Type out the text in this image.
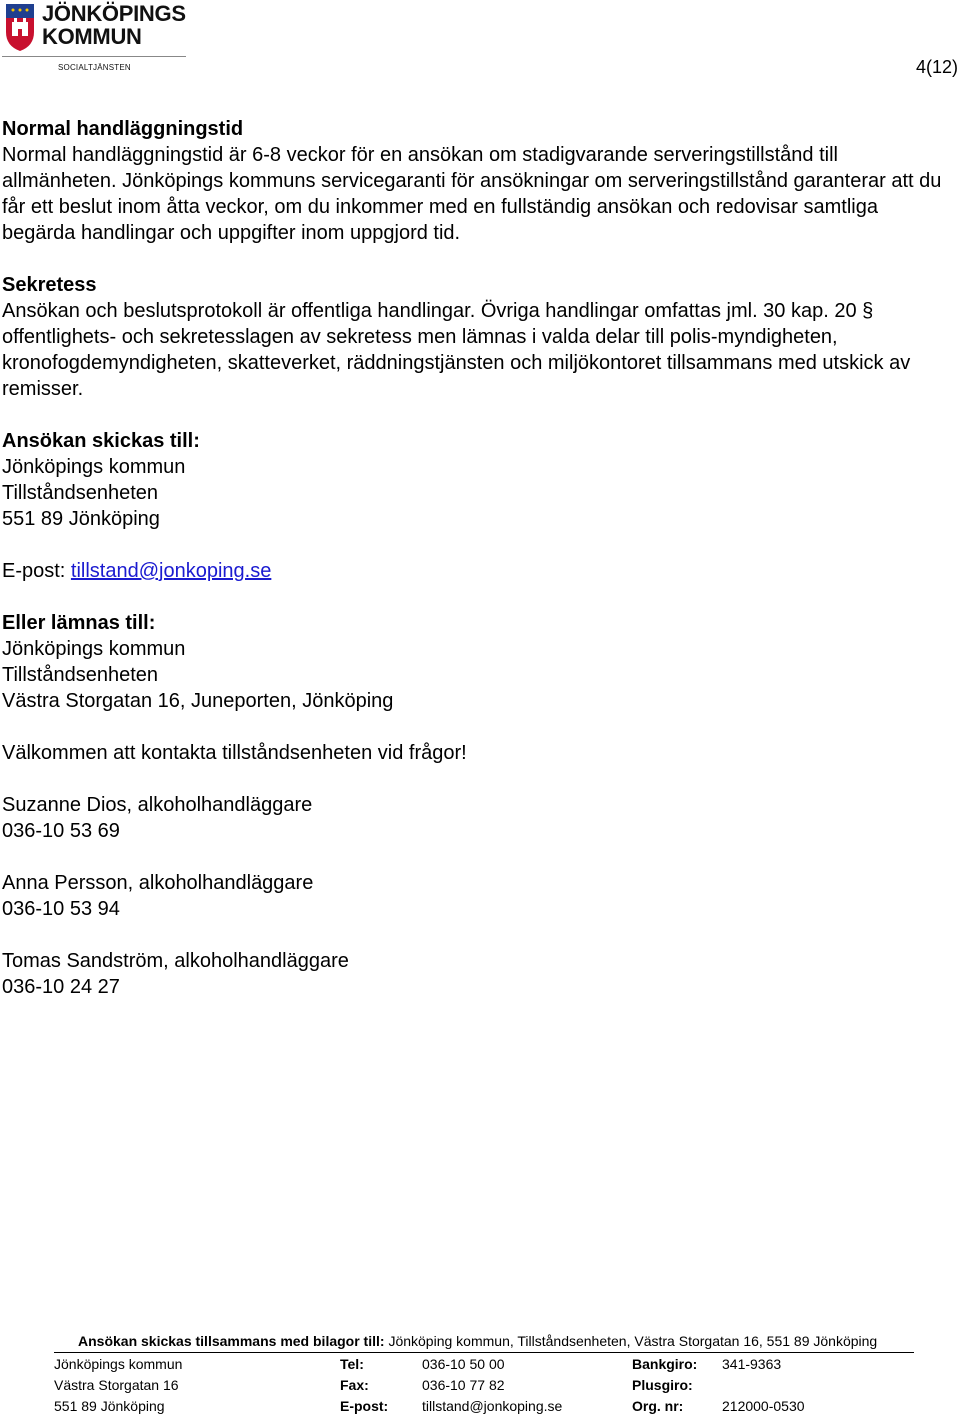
JÖNKÖPINGS
KOMMUN
SOCIALTJÄNSTEN	4(12)

Normal handläggningstid

Normal handläggningstid är 6-8 veckor för en ansökan om stadigvarande serveringstillstånd till allmänheten. Jönköpings kommuns servicegaranti för ansökningar om serveringstillstånd garanterar att du får ett beslut inom åtta veckor, om du inkommer med en fullständig ansökan och redovisar samtliga begärda handlingar och uppgifter inom uppgjord tid.

Sekretess

Ansökan och beslutsprotokoll är offentliga handlingar. Övriga handlingar omfattas jml. 30 kap. 20 § offentlighets- och sekretesslagen av sekretess men lämnas i valda delar till polis-myndigheten, kronofogdemyndigheten, skatteverket, räddningstjänsten och miljökontoret tillsammans med utskick av remisser.

Ansökan skickas till:

Jönköpings kommun

Tillståndsenheten

551 89 Jönköping

E-post: tillstand@jonkoping.se

Eller lämnas till:

Jönköpings kommun

Tillståndsenheten

Västra Storgatan 16, Juneporten, Jönköping

Välkommen att kontakta tillståndsenheten vid frågor!

Suzanne Dios, alkoholhandläggare

036-10 53 69

Anna Persson, alkoholhandläggare

036-10 53 94

Tomas Sandström, alkoholhandläggare

036-10 24 27

Ansökan skickas tillsammans med bilagor till: Jönköping kommun, Tillståndsenheten, Västra Storgatan 16, 551 89 Jönköping
Jönköpings kommun
Västra Storgatan 16
551 89 Jönköping
Tel:
Fax:
E-post:
036-10 50 00
036-10 77 82
tillstand@jonkoping.se
Bankgiro:
Plusgiro:
Org. nr:
341-9363
212000-0530
